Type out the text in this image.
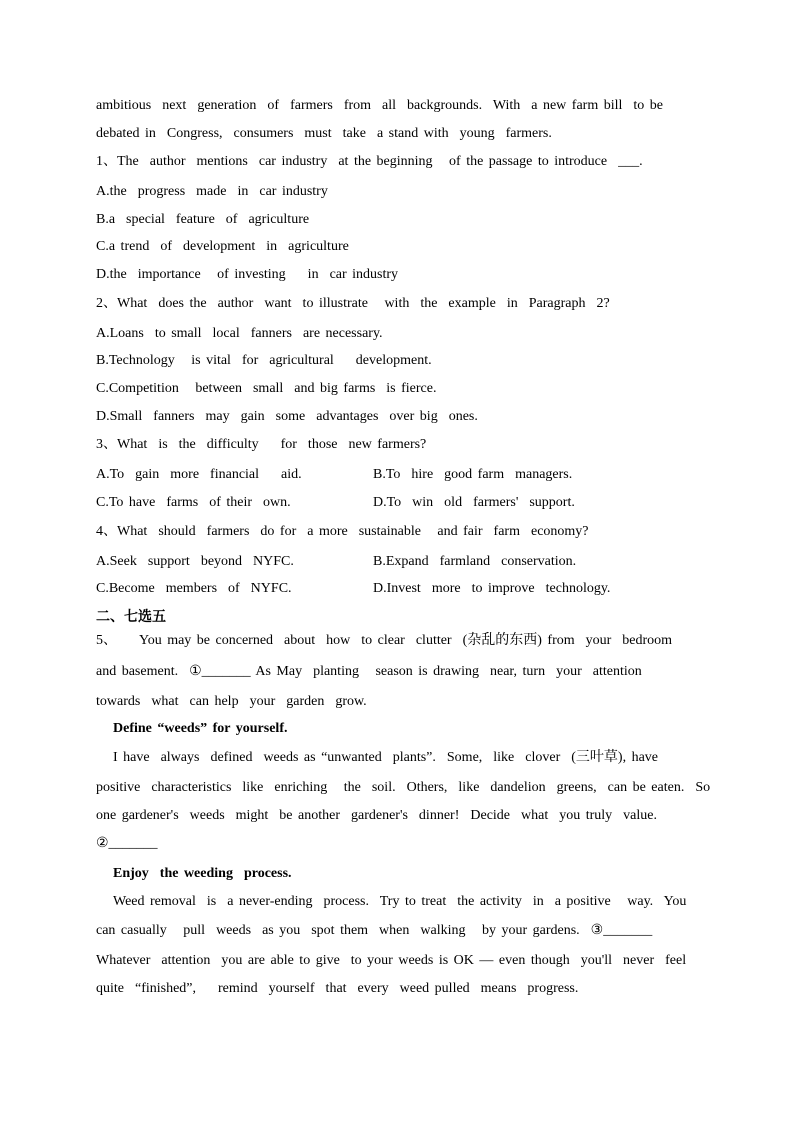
ambitious  next  generation  of  farmers  from  all  backgrounds.  With  a new farm bill  to be
debated in  Congress,  consumers  must  take  a stand with  young  farmers.
1、The  author  mentions  car industry  at the beginning   of the passage to introduce  ___.
A.the  progress  made  in  car industry
B.a  special  feature  of  agriculture
C.a trend  of  development  in  agriculture
D.the  importance   of investing    in  car industry
2、What  does the  author  want  to illustrate   with  the  example  in  Paragraph  2?
A.Loans  to small  local  fanners  are necessary.
B.Technology   is vital  for  agricultural    development.
C.Competition   between  small  and big farms  is fierce.
D.Small  fanners  may  gain  some  advantages  over big  ones.
3、What  is  the  difficulty    for  those  new farmers?
A.To  gain  more  financial    aid.	B.To  hire  good farm  managers.
C.To have  farms  of their  own.	D.To  win  old  farmers'  support.
4、What  should  farmers  do for  a more  sustainable   and fair  farm  economy?
A.Seek  support  beyond  NYFC.	B.Expand  farmland  conservation.
C.Become  members  of  NYFC.	D.Invest  more  to improve  technology.
二、七选五
5、    You may be concerned  about  how  to clear  clutter  (杂乱的东西) from  your  bedroom
and basement.  ①_______ As May  planting   season is drawing  near, turn  your  attention
towards  what  can help  your  garden  grow.
Define “weeds” for yourself.
I have  always  defined  weeds as “unwanted  plants”.  Some,  like  clover  (三叶草), have
positive  characteristics  like  enriching   the  soil.  Others,  like  dandelion  greens,  can be eaten.  So
one gardener's  weeds  might  be another  gardener's  dinner!  Decide  what  you truly  value.
②_______
Enjoy  the weeding  process.
Weed removal  is  a never-ending  process.  Try to treat  the activity  in  a positive   way.  You
can casually   pull  weeds  as you  spot them  when  walking   by your gardens.  ③_______
Whatever  attention  you are able to give  to your weeds is OK — even though  you'll  never  feel
quite  “finished”,    remind  yourself  that  every  weed pulled  means  progress.
